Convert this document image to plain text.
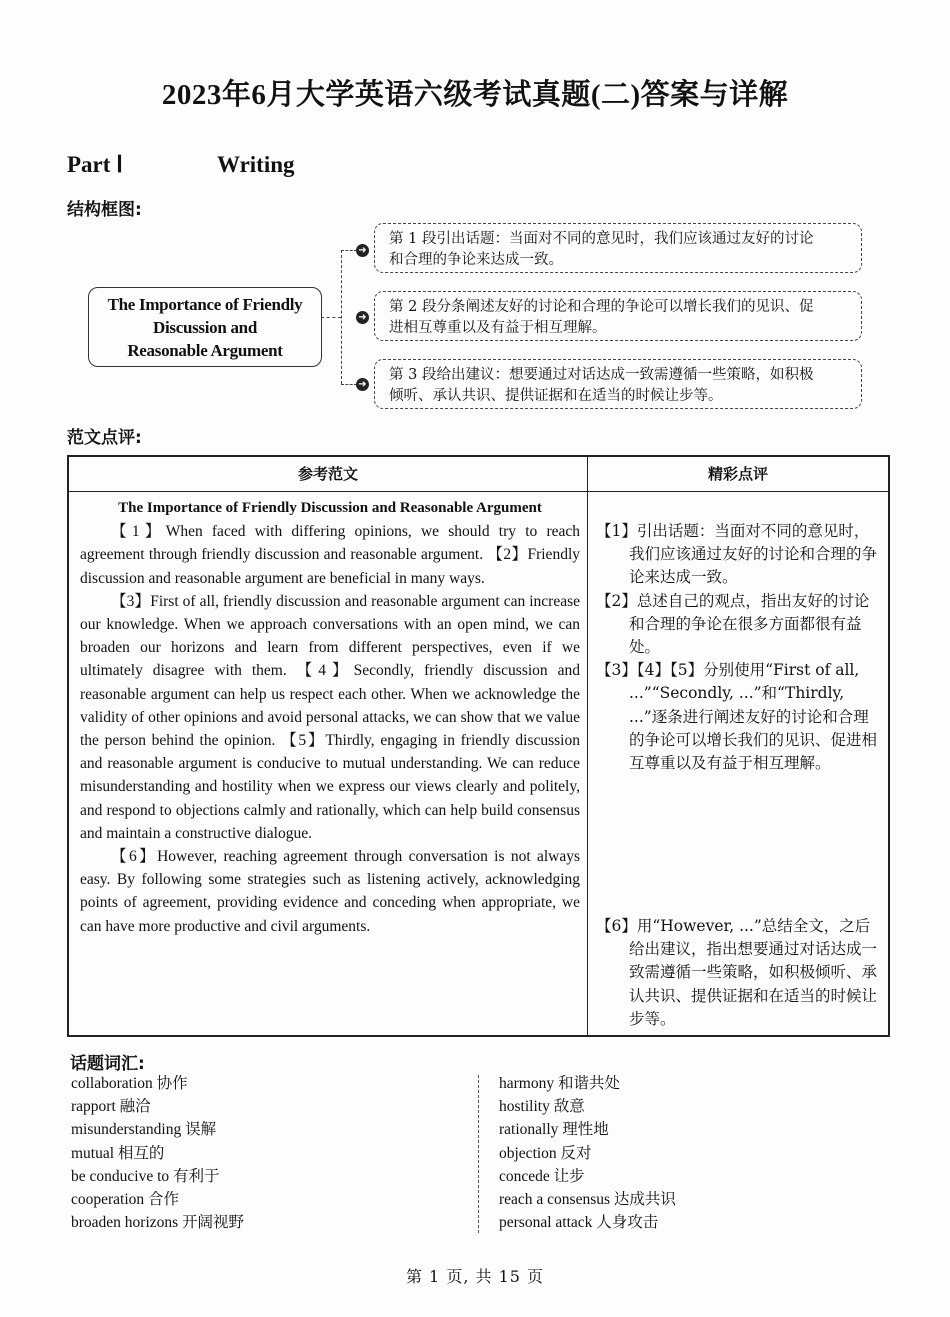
2023年6月大学英语六级考试真题(二)答案与详解
Part Ⅰ	Writing
结构框图:
The Importance of Friendly
Discussion and
Reasonable Argument
➜
➜
➜
第 1 段引出话题：当面对不同的意见时，我们应该通过友好的讨论
和合理的争论来达成一致。
第 2 段分条阐述友好的讨论和合理的争论可以增长我们的见识、促
进相互尊重以及有益于相互理解。
第 3 段给出建议：想要通过对话达成一致需遵循一些策略，如积极
倾听、承认共识、提供证据和在适当的时候让步等。
范文点评:
参考范文	精彩点评

The Importance of Friendly Discussion and Reasonable Argument

【1】When faced with differing opinions, we should try to reach agreement through friendly discussion and reasonable argument. 【2】Friendly discussion and reasonable argument are beneficial in many ways.

【3】First of all, friendly discussion and reasonable argument can increase our knowledge. When we approach conversations with an open mind, we can broaden our horizons and learn from different perspectives, even if we ultimately disagree with them. 【4】Secondly, friendly discussion and reasonable argument can help us respect each other. When we acknowledge the validity of other opinions and avoid personal attacks, we can show that we value the person behind the opinion. 【5】Thirdly, engaging in friendly discussion and reasonable argument is conducive to mutual understanding. We can reduce misunderstanding and hostility when we express our views clearly and politely, and respond to objections calmly and rationally, which can help build consensus and maintain a constructive dialogue.

【6】However, reaching agreement through conversation is not always easy. By following some strategies such as listening actively, acknowledging points of agreement, providing evidence and conceding when appropriate, we can have more productive and civil arguments.

【1】引出话题：当面对不同的意见时，我们应该通过友好的讨论和合理的争论来达成一致。

【2】总述自己的观点，指出友好的讨论和合理的争论在很多方面都很有益处。

【3】【4】【5】分别使用“First of all, ...”“Secondly, ...”和“Thirdly, ...”逐条进行阐述友好的讨论和合理的争论可以增长我们的见识、促进相互尊重以及有益于相互理解。

【6】用“However, ...”总结全文，之后给出建议，指出想要通过对话达成一致需遵循一些策略，如积极倾听、承认共识、提供证据和在适当的时候让步等。

话题词汇:
collaboration 协作
rapport 融洽
misunderstanding 误解
mutual 相互的
be conducive to 有利于
cooperation 合作
broaden horizons 开阔视野
harmony 和谐共处
hostility 敌意
rationally 理性地
objection 反对
concede 让步
reach a consensus 达成共识
personal attack 人身攻击
第 1 页, 共 15 页
